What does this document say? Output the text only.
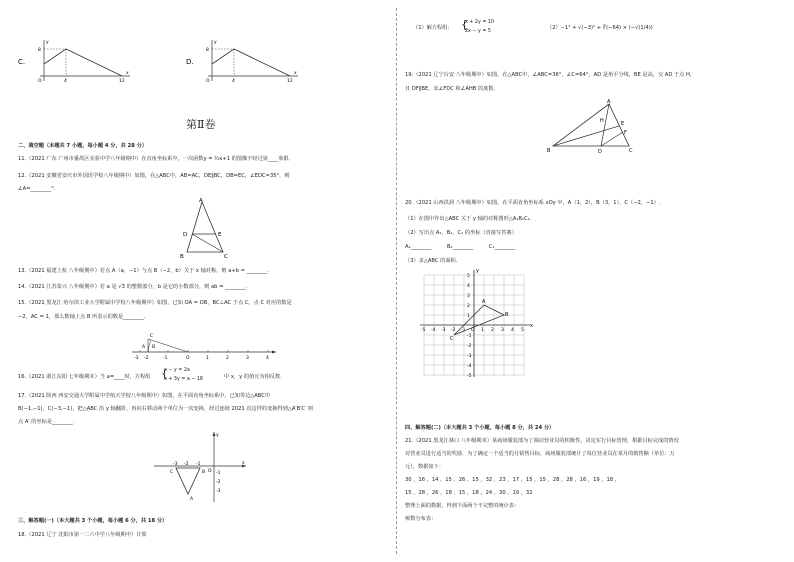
C.
8
4	12
O
x
y
D.
8
4	12
O
x
y
第Ⅱ卷
二、填空题（本题共 7 小题，每小题 4 分，共 28 分）
11.（2021 广东 广州市番禺区实验中学八年级期中）在直角坐标系中，一次函数y = ½x+1 的图像不经过第____象限.
12.（2021 安徽省安庆市外国语学校八年级期中）如图，在△ABC中，AB=AC，DE∥BC，DB=EC，∠EDC=35°，则
∠A=________°.
A
D	E
B	C
13.（2021 福建上杭 八年级期中）若点 A（a，−1）与点 B（−2，b）关于 x 轴对称，则 a+b = ________.
14.（2021 江苏泰兴 八年级期中）若 a 是 √3 的整数部分，b 是它的小数部分，则 ab = ________.
15.（2021 黑龙江 哈尔滨工业大学附属中学校八年级期中）如图，已知 OA = OB，BC⊥AC 于点 C，点 C 对应的数是
−2，AC = 1，那么数轴上点 B 所表示的数是________.
-3 -2	-1	O	1	2	3	4
C
A B
16.（2021 浙江东阳 七年级期末）当 a=____时，方程组
x − y = 2a
x + 3y = a − 18
{	中 x，y 的值互为相反数.
17.（2021 陕西 西安交通大学附属中学航天学校八年级期中）如图，在平面直角坐标系中，已知等边△ABC中
B(−1,−1)，C(−3,−1)，把△ABC 沿 y 轴翻折，再向右移动两个单位为一次变换，经过连续 2021 次这样的变换得到△A′B′C′ 则
点 A′ 的坐标是________.
x
y
O
-3 -2 -1
-1
-2
-3
C	B
A
三、解答题(一)（本大题共 3 个小题，每小题 6 分，共 18 分）
18.（2021 辽宁 沈阳市第一二六中学八年级期中）计算
（1）解方程组： {
x + 2y = 10
2x − y = 5
（2）−1² + √(−3)² + ∛(−64) × (−√(1/4))
19.（2021 辽宁台安 八年级期中）如图，在△ABC中，∠ABC=36°，∠C=64°，AD 是角平分线，BE 是高，交 AD 于点 H，
且 DF∥BE，求∠FDC 和∠AHB 的度数.
A
B	C
D
E
F
H
20.（2021 山西洪洞 八年级期中）如图，在平面直角坐标系 xOy 中，A（1，2），B（3，1），C（−2，−1）.
（1）在图中作出△ABC 关于 y 轴的对称图形△A₁B₁C₁.
（2）写出点 A₁，B₁，C₁ 的坐标（直接写答案）
A₁________　　　B₁________　　　C₁________
（3）求△ABC 的面积.
-5 -4 -3 -2 -1 O 1 2 3 4 5
5
4
3
2
1
-1
-2
-3
-4
-5
A
B
C
x
y
四、解答题(二)（本大题共 3 个小题，每小题 8 分，共 24 分）
21.（2021 黑龙江林口 八年级期末）某商场服装部为了调动营业员的积极性，决定实行目标管理，根据目标完成的情况
对营业员进行适当的奖励．为了确定一个适当的月销售目标，商场服装部统计了每位营业员在某月的销售额（单位：万
元），数据如下：
30 ，16 ，14 ，15 ，26 ，15 ，32 ，23 ，17 ，15 ，15 ，28 ，28 ，16 ，19 ，18 ，
15 ，28 ，26 ，18 ，15 ，18 ，24 ，30 ，19 ，32
整理上面的数据，得到下面两个不完整的统计表：
频数分布表：
